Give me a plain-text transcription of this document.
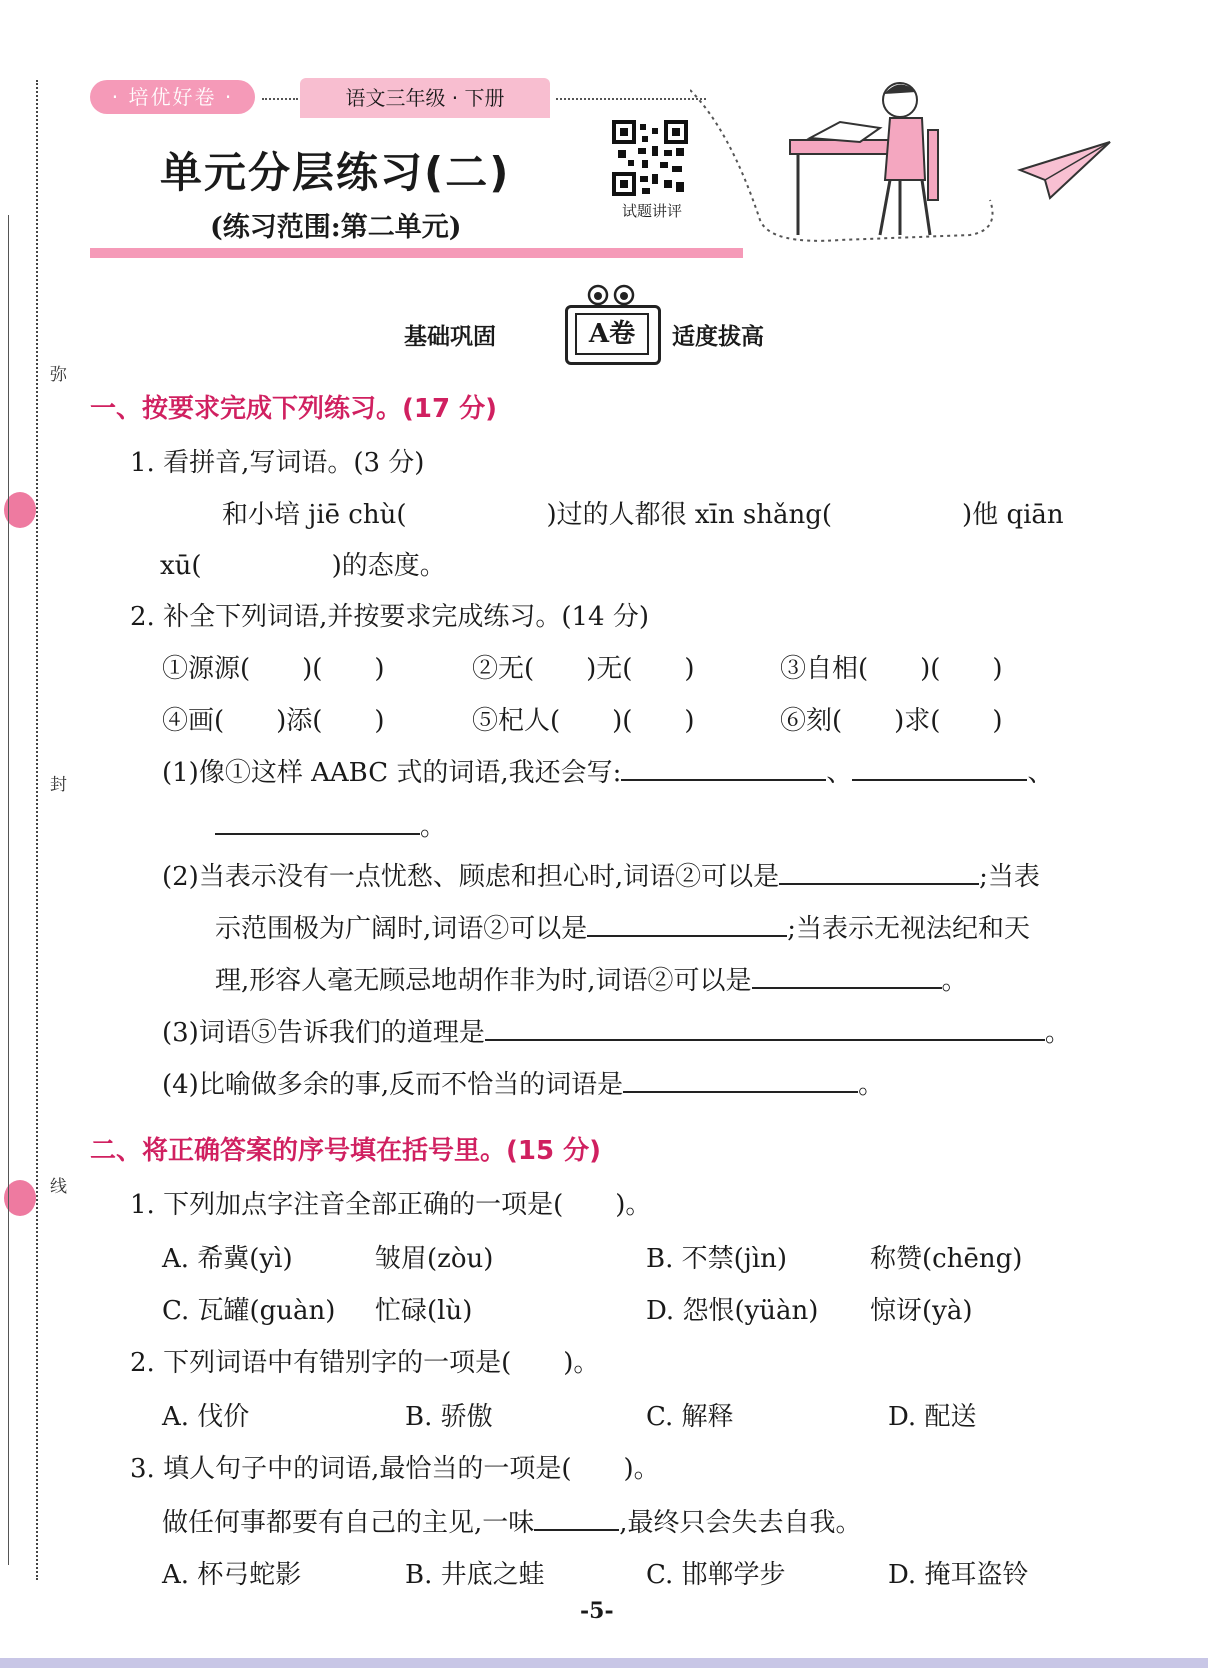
弥
封
线
· 培优好卷 ·	语文三年级 · 下册
单元分层练习(二)
(练习范围:第二单元)
试题讲评
基础巩固	A卷	适度拔高
一、按要求完成下列练习。(17 分)
1. 看拼音,写词语。(3 分)
和小培 jiē chù(	)过的人都很 xīn shǎng(	)他 qiān
xū(	)的态度。
2. 补全下列词语,并按要求完成练习。(14 分)
①源源(　　)(　　)	②无(　　)无(　　)	③自相(　　)(　　)
④画(　　)添(　　)	⑤杞人(　　)(　　)	⑥刻(　　)求(　　)
(1)像①这样 AABC 式的词语,我还会写:	、	、
。
(2)当表示没有一点忧愁、顾虑和担心时,词语②可以是	;当表
示范围极为广阔时,词语②可以是	;当表示无视法纪和天
理,形容人毫无顾忌地胡作非为时,词语②可以是	。
(3)词语⑤告诉我们的道理是	。
(4)比喻做多余的事,反而不恰当的词语是	。
二、将正确答案的序号填在括号里。(15 分)
1. 下列加点字注音全部正确的一项是(　　)。
A. 希冀(yì)	皱眉(zòu)	B. 不禁(jìn)	称赞(chēng)
C. 瓦罐(guàn) 忙碌(lù)	D. 怨恨(yüàn) 惊讶(yà)
2. 下列词语中有错别字的一项是(　　)。
A. 伐价	B. 骄傲	C. 解释	D. 配送
3. 填人句子中的词语,最恰当的一项是(　　)。
做任何事都要有自己的主见,一味	,最终只会失去自我。
A. 杯弓蛇影	B. 井底之蛙	C. 邯郸学步	D. 掩耳盗铃
-5-
